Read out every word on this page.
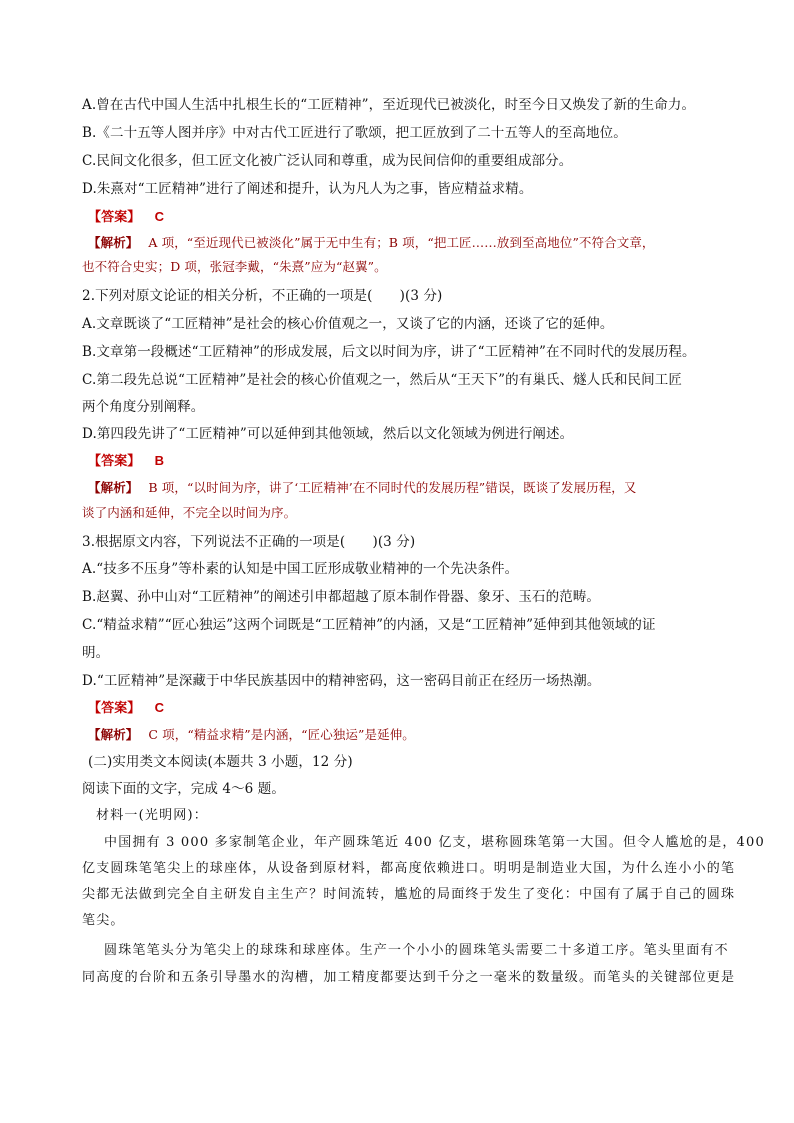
A.曾在古代中国人生活中扎根生长的“工匠精神”，至近现代已被淡化，时至今日又焕发了新的生命力。
B.《二十五等人图并序》中对古代工匠进行了歌颂，把工匠放到了二十五等人的至高地位。
C.民间文化很多，但工匠文化被广泛认同和尊重，成为民间信仰的重要组成部分。
D.朱熹对“工匠精神”进行了阐述和提升，认为凡人为之事，皆应精益求精。
【答案】 C
【解析】 A 项，“至近现代已被淡化”属于无中生有；B 项，“把工匠……放到至高地位”不符合文章，
也不符合史实；D 项，张冠李戴，“朱熹”应为“赵翼”。
2.下列对原文论证的相关分析，不正确的一项是(　　)(3 分)
A.文章既谈了“工匠精神”是社会的核心价值观之一，又谈了它的内涵，还谈了它的延伸。
B.文章第一段概述“工匠精神”的形成发展，后文以时间为序，讲了“工匠精神”在不同时代的发展历程。
C.第二段先总说“工匠精神”是社会的核心价值观之一，然后从“王天下”的有巢氏、燧人氏和民间工匠
两个角度分别阐释。
D.第四段先讲了“工匠精神”可以延伸到其他领域，然后以文化领域为例进行阐述。
【答案】 B
【解析】 B 项，“以时间为序，讲了‘工匠精神’在不同时代的发展历程”错误，既谈了发展历程，又
谈了内涵和延伸，不完全以时间为序。
3.根据原文内容，下列说法不正确的一项是(　　)(3 分)
A.“技多不压身”等朴素的认知是中国工匠形成敬业精神的一个先决条件。
B.赵翼、孙中山对“工匠精神”的阐述引申都超越了原本制作骨器、象牙、玉石的范畴。
C.“精益求精”“匠心独运”这两个词既是“工匠精神”的内涵，又是“工匠精神”延伸到其他领域的证
明。
D.“工匠精神”是深藏于中华民族基因中的精神密码，这一密码目前正在经历一场热潮。
【答案】 C
【解析】 C 项，“精益求精”是内涵，“匠心独运”是延伸。
(二)实用类文本阅读(本题共 3 小题，12 分)
阅读下面的文字，完成 4～6 题。
材料一(光明网)：
中国拥有 3 000 多家制笔企业，年产圆珠笔近 400 亿支，堪称圆珠笔第一大国。但令人尴尬的是，400
亿支圆珠笔笔尖上的球座体，从设备到原材料，都高度依赖进口。明明是制造业大国，为什么连小小的笔
尖都无法做到完全自主研发自主生产？时间流转，尴尬的局面终于发生了变化：中国有了属于自己的圆珠
笔尖。
圆珠笔笔头分为笔尖上的球珠和球座体。生产一个小小的圆珠笔头需要二十多道工序。笔头里面有不
同高度的台阶和五条引导墨水的沟槽，加工精度都要达到千分之一毫米的数量级。而笔头的关键部位更是
